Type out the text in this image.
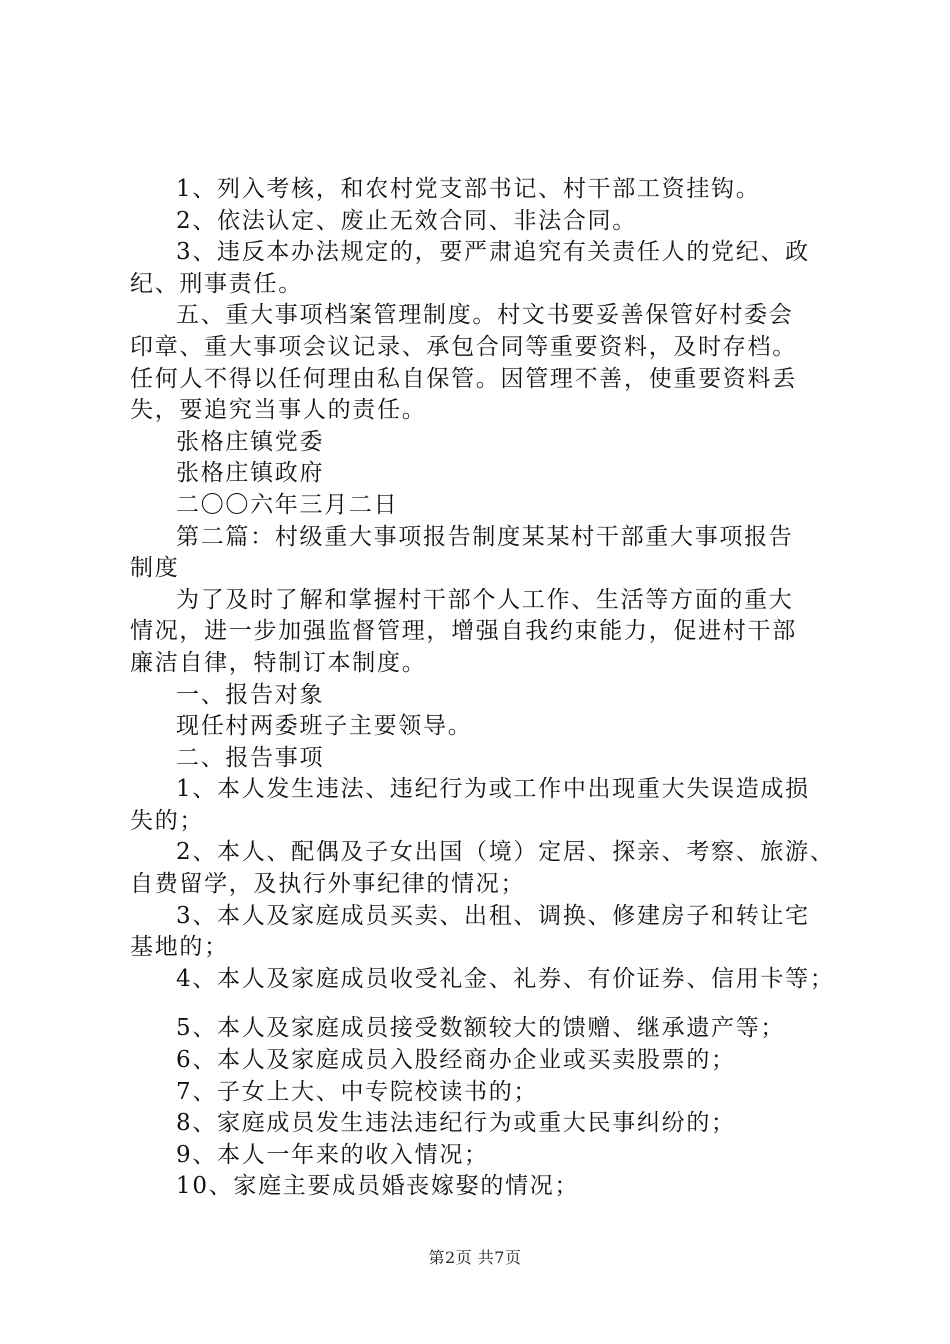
1、列入考核，和农村党支部书记、村干部工资挂钩。
2、依法认定、废止无效合同、非法合同。
3、违反本办法规定的，要严肃追究有关责任人的党纪、政
纪、刑事责任。
五、重大事项档案管理制度。村文书要妥善保管好村委会
印章、重大事项会议记录、承包合同等重要资料，及时存档。
任何人不得以任何理由私自保管。因管理不善，使重要资料丢
失，要追究当事人的责任。
张格庄镇党委
张格庄镇政府
二〇〇六年三月二日
第二篇：村级重大事项报告制度某某村干部重大事项报告
制度
为了及时了解和掌握村干部个人工作、生活等方面的重大
情况，进一步加强监督管理，增强自我约束能力，促进村干部
廉洁自律，特制订本制度。
一、报告对象
现任村两委班子主要领导。
二、报告事项
1、本人发生违法、违纪行为或工作中出现重大失误造成损
失的；
2、本人、配偶及子女出国（境）定居、探亲、考察、旅游、
自费留学，及执行外事纪律的情况；
3、本人及家庭成员买卖、出租、调换、修建房子和转让宅
基地的；
4、本人及家庭成员收受礼金、礼券、有价证券、信用卡等；
5、本人及家庭成员接受数额较大的馈赠、继承遗产等；
6、本人及家庭成员入股经商办企业或买卖股票的；
7、子女上大、中专院校读书的；
8、家庭成员发生违法违纪行为或重大民事纠纷的；
9、本人一年来的收入情况；
10、家庭主要成员婚丧嫁娶的情况；
第2页 共7页
